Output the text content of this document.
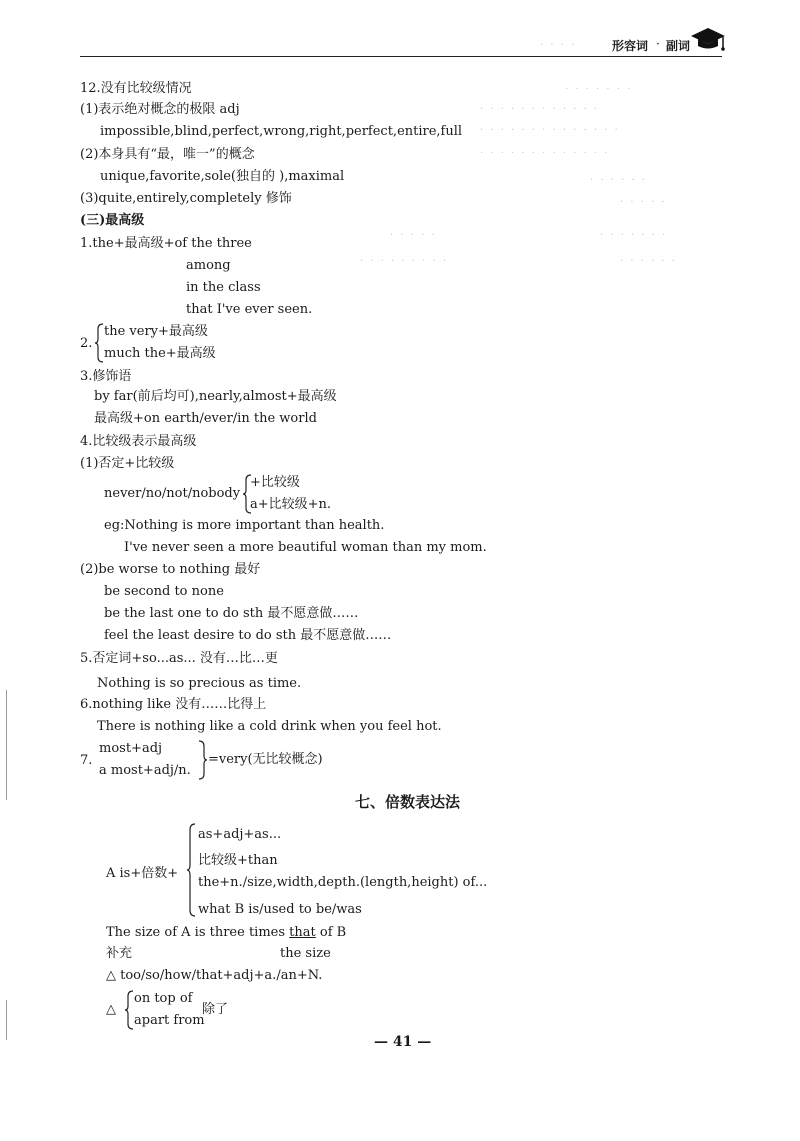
· · · ·	形容词 · 副词
· · · · · · ·
· · · · · · · · · · · ·
· · · · · · · · · · · · · ·
· · · · · · · · · · · · ·
· · · · · ·
· · · · ·
· · · · ·	· · · · · · ·
· · · · · · · · ·	· · · · · ·
12.没有比较级情况
(1)表示绝对概念的极限 adj
impossible,blind,perfect,wrong,right,perfect,entire,full
(2)本身具有“最，唯一”的概念
unique,favorite,sole(独自的 ),maximal
(3)quite,entirely,completely 修饰
(三)最高级
1.the+最高级+of the three
among
in the class
that I've ever seen.
2.
the very+最高级
much the+最高级
3.修饰语
by far(前后均可),nearly,almost+最高级
最高级+on earth/ever/in the world
4.比较级表示最高级
(1)否定+比较级
never/no/not/nobody
+比较级
a+比较级+n.
eg:Nothing is more important than health.
I've never seen a more beautiful woman than my mom.
(2)be worse to nothing 最好
be second to none
be the last one to do sth 最不愿意做……
feel the least desire to do sth 最不愿意做……
5.否定词+so...as... 没有…比…更
Nothing is so precious as time.
6.nothing like 没有……比得上
There is nothing like a cold drink when you feel hot.
7.
most+adj
a most+adj/n.
=very(无比较概念)
七、倍数表达法
A is+倍数+
as+adj+as...
比较级+than
the+n./size,width,depth.(length,height) of...
what B is/used to be/was
The size of A is three times that of B
补充	the size
△ too/so/how/that+adj+a./an+N.
△
on top of
apart from
除了
— 41 —
